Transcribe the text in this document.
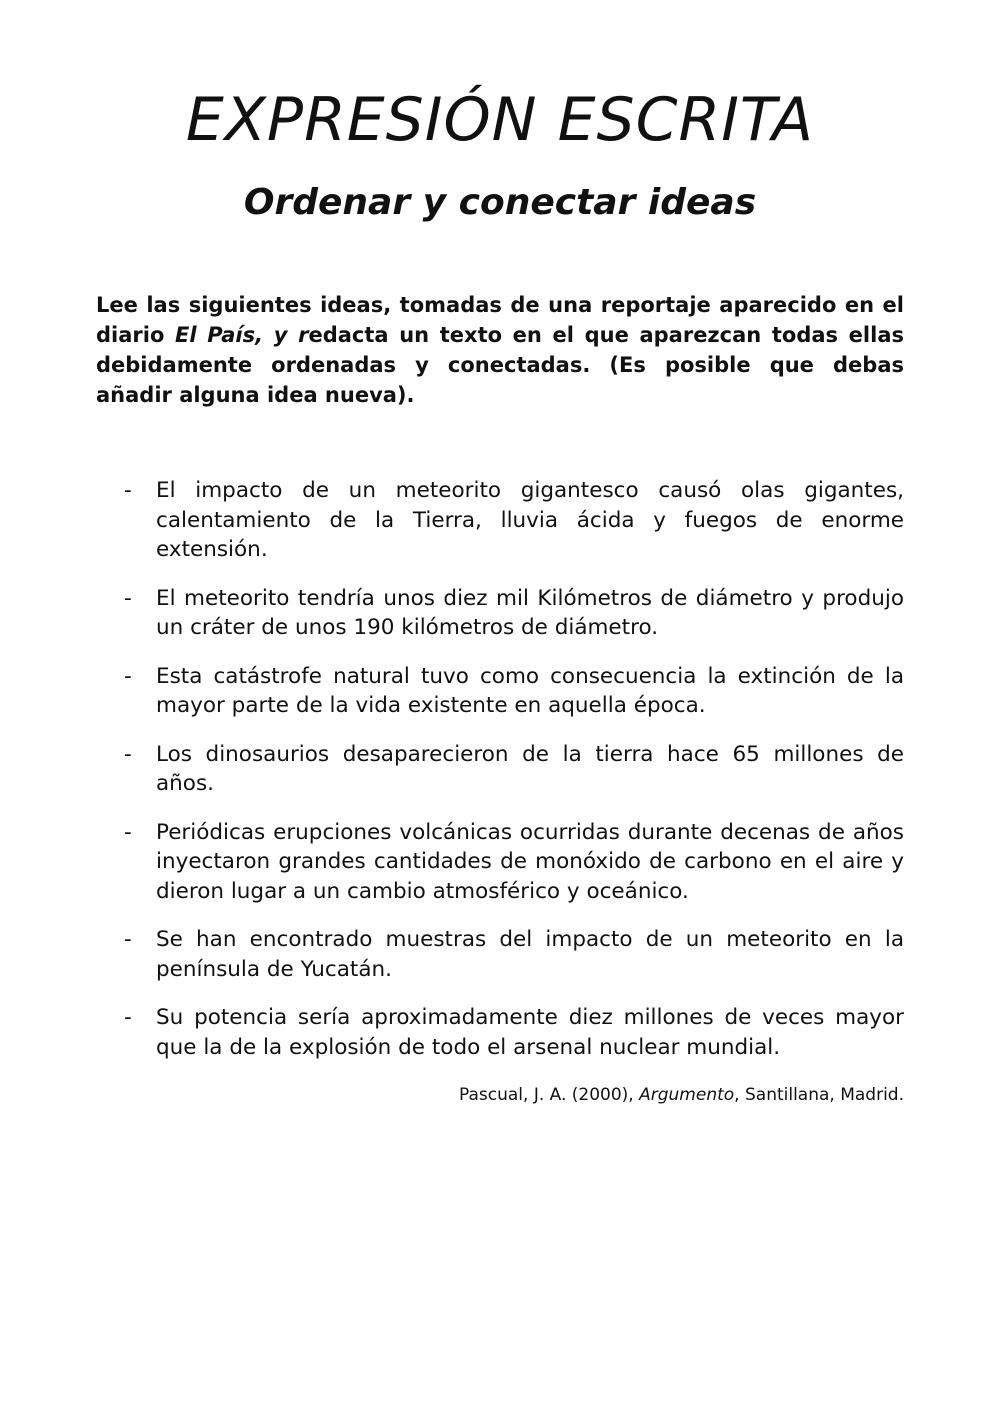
EXPRESIÓN ESCRITA
Ordenar y conectar ideas

Lee las siguientes ideas, tomadas de una reportaje aparecido en el diario El País, y redacta un texto en el que aparezcan todas ellas debidamente ordenadas y conectadas. (Es posible que debas añadir alguna idea nueva).

-	El impacto de un meteorito gigantesco causó olas gigantes, calentamiento de la Tierra, lluvia ácida y fuegos de enorme extensión.
-	El meteorito tendría unos diez mil Kilómetros de diámetro y produjo un cráter de unos 190 kilómetros de diámetro.
-	Esta catástrofe natural tuvo como consecuencia la extinción de la mayor parte de la vida existente en aquella época.
-	Los dinosaurios desaparecieron de la tierra hace 65 millones de años.
-	Periódicas erupciones volcánicas ocurridas durante decenas de años inyectaron grandes cantidades de monóxido de carbono en el aire y dieron lugar a un cambio atmosférico y oceánico.
-	Se han encontrado muestras del impacto de un meteorito en la península de Yucatán.
-	Su potencia sería aproximadamente diez millones de veces mayor que la de la explosión de todo el arsenal nuclear mundial.

Pascual, J. A. (2000), Argumento, Santillana, Madrid.
